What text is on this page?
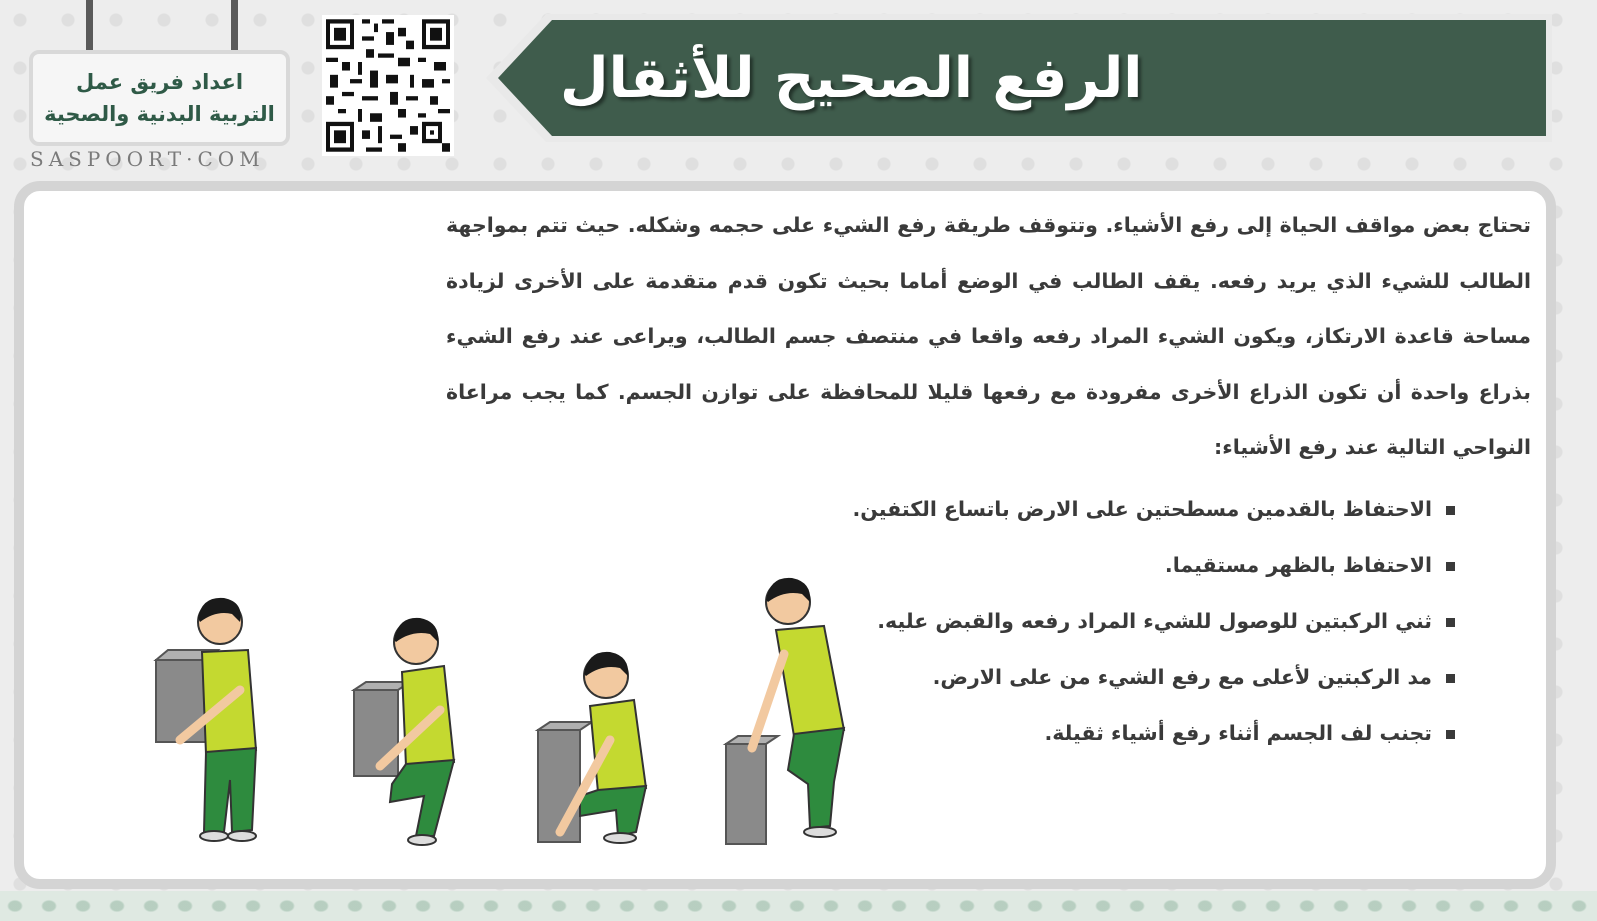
اعداد فريق عمل
التربية البدنية والصحية
SASPOORT·COM
الرفع الصحيح للأثقال
تحتاج بعض مواقف الحياة إلى رفع الأشياء. وتتوقف طريقة رفع الشيء على حجمه وشكله. حيث تتم بمواجهة الطالب للشيء الذي يريد رفعه. يقف الطالب في الوضع أماما بحيث تكون قدم متقدمة على الأخرى لزيادة مساحة قاعدة الارتكاز، ويكون الشيء المراد رفعه واقعا في منتصف جسم الطالب، ويراعى عند رفع الشيء بذراع واحدة أن تكون الذراع الأخرى مفرودة مع رفعها قليلا للمحافظة على توازن الجسم. كما يجب مراعاة النواحي التالية عند رفع الأشياء:
الاحتفاظ بالقدمين مسطحتين على الارض باتساع الكتفين.
الاحتفاظ بالظهر مستقيما.
ثني الركبتين للوصول للشيء المراد رفعه والقبض عليه.
مد الركبتين لأعلى مع رفع الشيء من على الارض.
تجنب لف الجسم أثناء رفع أشياء ثقيلة.
